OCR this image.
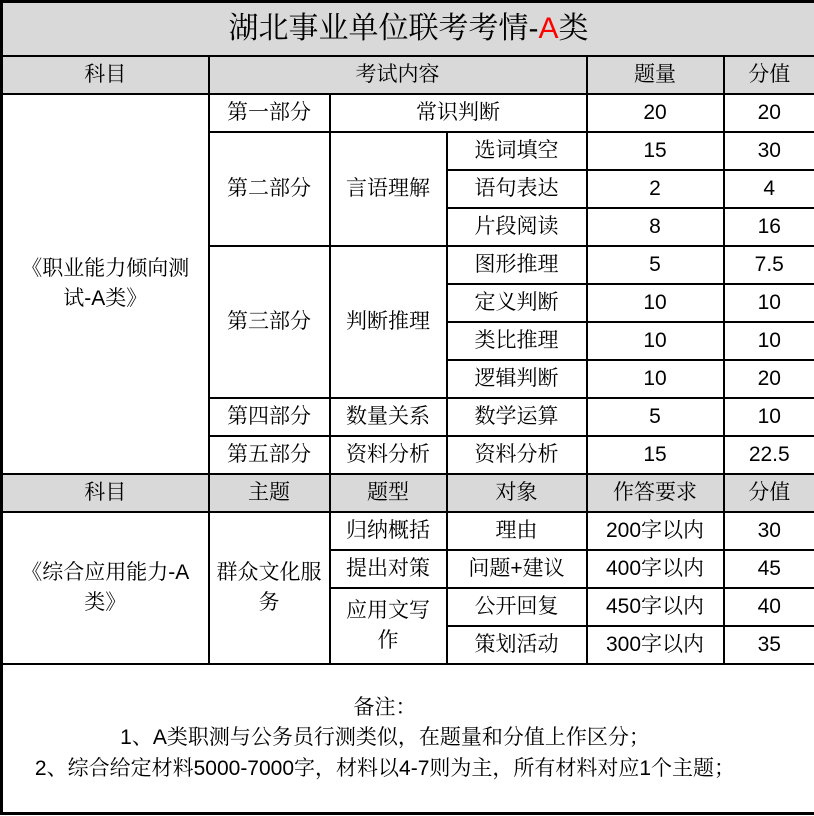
湖北事业单位联考考情-A类					
科目	考试内容			题量	分值
《职业能力倾向测试-A类》	第一部分	常识判断		20	20
	第二部分	言语理解	选词填空	15	30
			语句表达	2	4
			片段阅读	8	16
	第三部分	判断推理	图形推理	5	7.5
			定义判断	10	10
			类比推理	10	10
			逻辑判断	10	20
	第四部分	数量关系	数学运算	5	10
	第五部分	资料分析	资料分析	15	22.5
科目	主题	题型	对象	作答要求	分值
《综合应用能力-A类》	群众文化服务	归纳概括	理由	200字以内	30
		提出对策	问题+建议	400字以内	45
		应用文写作	公开回复	450字以内	40
			策划活动	300字以内	35

备注：
1、A类职测与公务员行测类似，在题量和分值上作区分；
2、综合给定材料5000-7000字，材料以4-7则为主，所有材料对应1个主题；					
